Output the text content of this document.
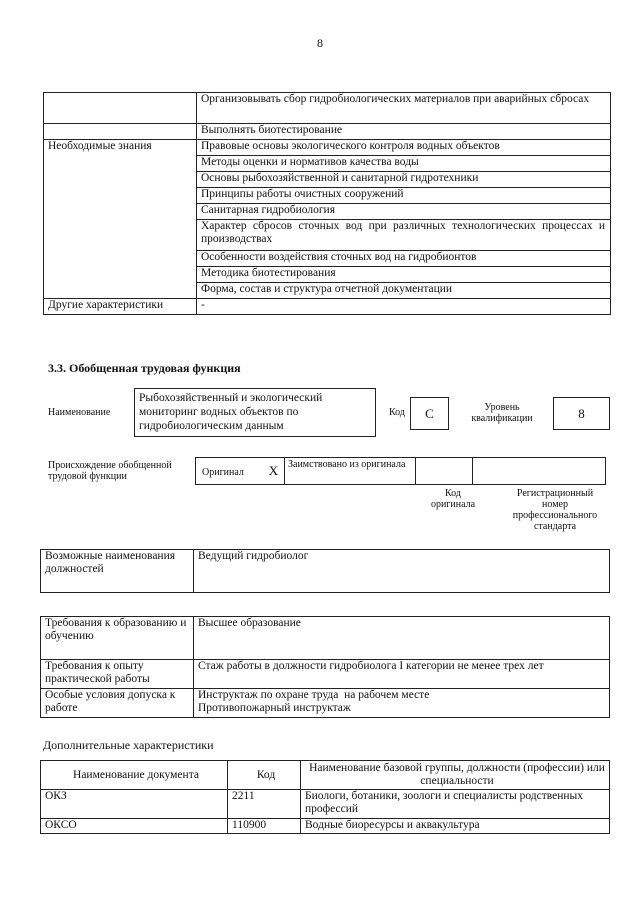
8
	Организовывать сбор гидробиологических материалов при аварийных сбросах
	Выполнять биотестирование
Необходимые знания	Правовые основы экологического контроля водных объектов
	Методы оценки и нормативов качества воды
	Основы рыбохозяйственной и санитарной гидротехники
	Принципы работы очистных сооружений
	Санитарная гидробиология
	Характер сбросов сточных вод при различных технологических процессах и производствах
	Особенности воздействия сточных вод на гидробионтов
	Методика биотестирования
	Форма, состав и структура отчетной документации
Другие характеристики	-
3.3. Обобщенная трудовая функция
Наименование
Рыбохозяйственный и экологический мониторинг водных объектов по гидробиологическим данным
Код C	Уровень квалификации	8
Происхождение обобщенной трудовой функции	Оригинал X	Заимствовано из оригинала		
Код оригинала
Регистрационный номер профессионального стандарта
Возможные наименования должностей	Ведущий гидробиолог
Требования к образованию и обучению	Высшее образование
Требования к опыту практической работы	Стаж работы в должности гидробиолога I категории не менее трех лет
Особые условия допуска к работе	Инструктаж по охране труда  на рабочем месте
Противопожарный инструктаж
Дополнительные характеристики
Наименование документа	Код	Наименование базовой группы, должности (профессии) или специальности
ОКЗ	2211	Биологи, ботаники, зоологи и специалисты родственных профессий
ОКСО	110900	Водные биоресурсы и аквакультура
